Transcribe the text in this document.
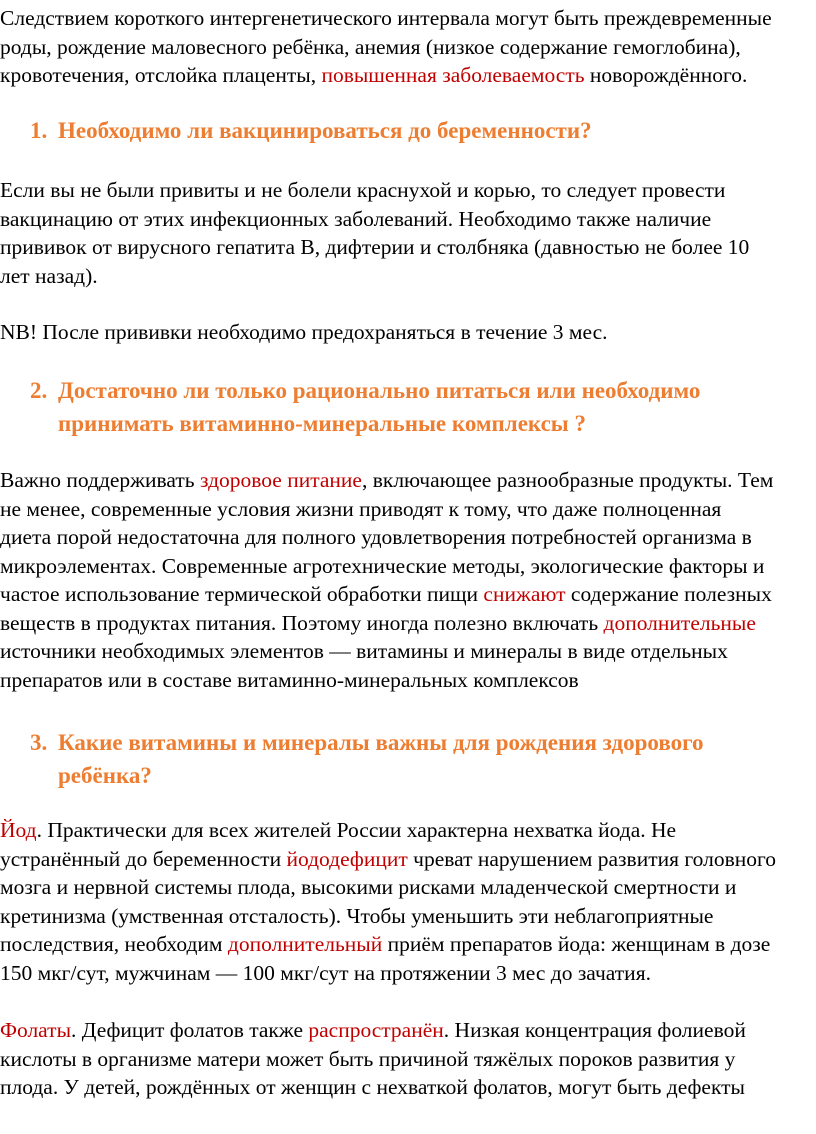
Следствием короткого интергенетического интервала могут быть преждевременные
роды, рождение маловесного ребёнка, анемия (низкое содержание гемоглобина),
кровотечения, отслойка плаценты, повышенная заболеваемость новорождённого.

1. Необходимо ли вакцинироваться до беременности?

Если вы не были привиты и не болели краснухой и корью, то следует провести
вакцинацию от этих инфекционных заболеваний. Необходимо также наличие
прививок от вирусного гепатита В, дифтерии и столбняка (давностью не более 10
лет назад).

NB! После прививки необходимо предохраняться в течение 3 мес.

2. Достаточно ли только рационально питаться или необходимо
принимать витаминно-минеральные комплексы ?

Важно поддерживать здоровое питание, включающее разнообразные продукты. Тем
не менее, современные условия жизни приводят к тому, что даже полноценная
диета порой недостаточна для полного удовлетворения потребностей организма в
микроэлементах. Современные агротехнические методы, экологические факторы и
частое использование термической обработки пищи снижают содержание полезных
веществ в продуктах питания. Поэтому иногда полезно включать дополнительные
источники необходимых элементов — витамины и минералы в виде отдельных
препаратов или в составе витаминно-минеральных комплексов

3. Какие витамины и минералы важны для рождения здорового
ребёнка?

Йод. Практически для всех жителей России характерна нехватка йода. Не
устранённый до беременности йододефицит чреват нарушением развития головного
мозга и нервной системы плода, высокими рисками младенческой смертности и
кретинизма (умственная отсталость). Чтобы уменьшить эти неблагоприятные
последствия, необходим дополнительный приём препаратов йода: женщинам в дозе
150 мкг/сут, мужчинам — 100 мкг/сут на протяжении 3 мес до зачатия.

Фолаты. Дефицит фолатов также распространён. Низкая концентрация фолиевой
кислоты в организме матери может быть причиной тяжёлых пороков развития у
плода. У детей, рождённых от женщин с нехваткой фолатов, могут быть дефекты
